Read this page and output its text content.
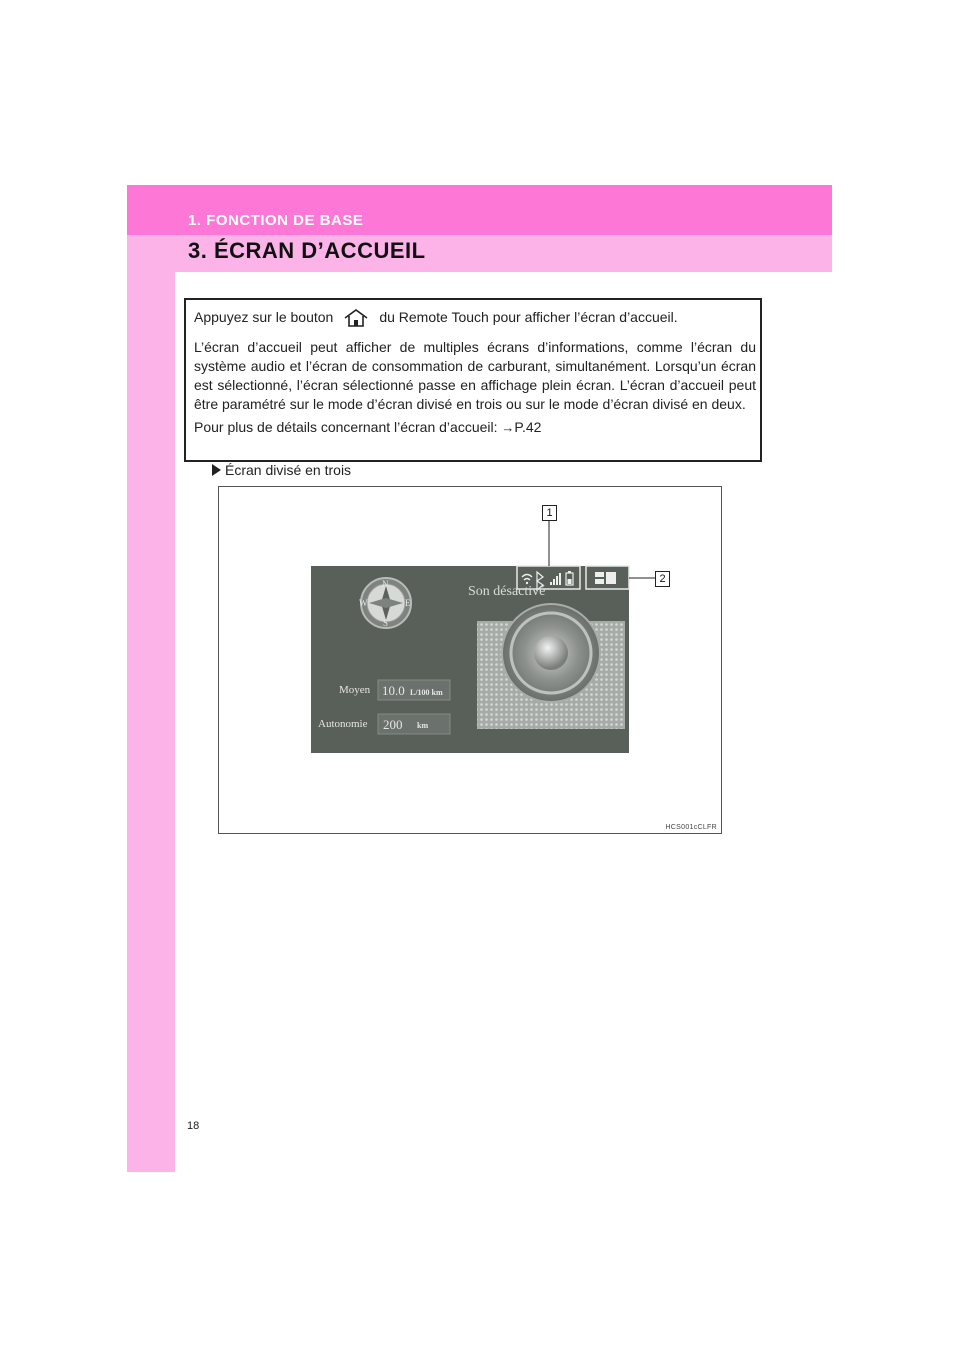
1. FONCTION DE BASE
3. ÉCRAN D’ACCUEIL

Appuyez sur le bouton	du Remote Touch pour afficher l’écran d’accueil.

L’écran d’accueil peut afficher de multiples écrans d’informations, comme l’écran du système audio et l’écran de consommation de carburant, simultanément. Lorsqu’un écran est sélectionné, l’écran sélectionné passe en affichage plein écran. L’écran d’accueil peut être paramétré sur le mode d’écran divisé en trois ou sur le mode d’écran divisé en deux.

Pour plus de détails concernant l’écran d’accueil: →P.42

Écran divisé en trois
N
E
S
W
Son désactivé
Moyen 10.0 L/100 km
Autonomie 200 km
1
2
HCS001cCLFR
18
